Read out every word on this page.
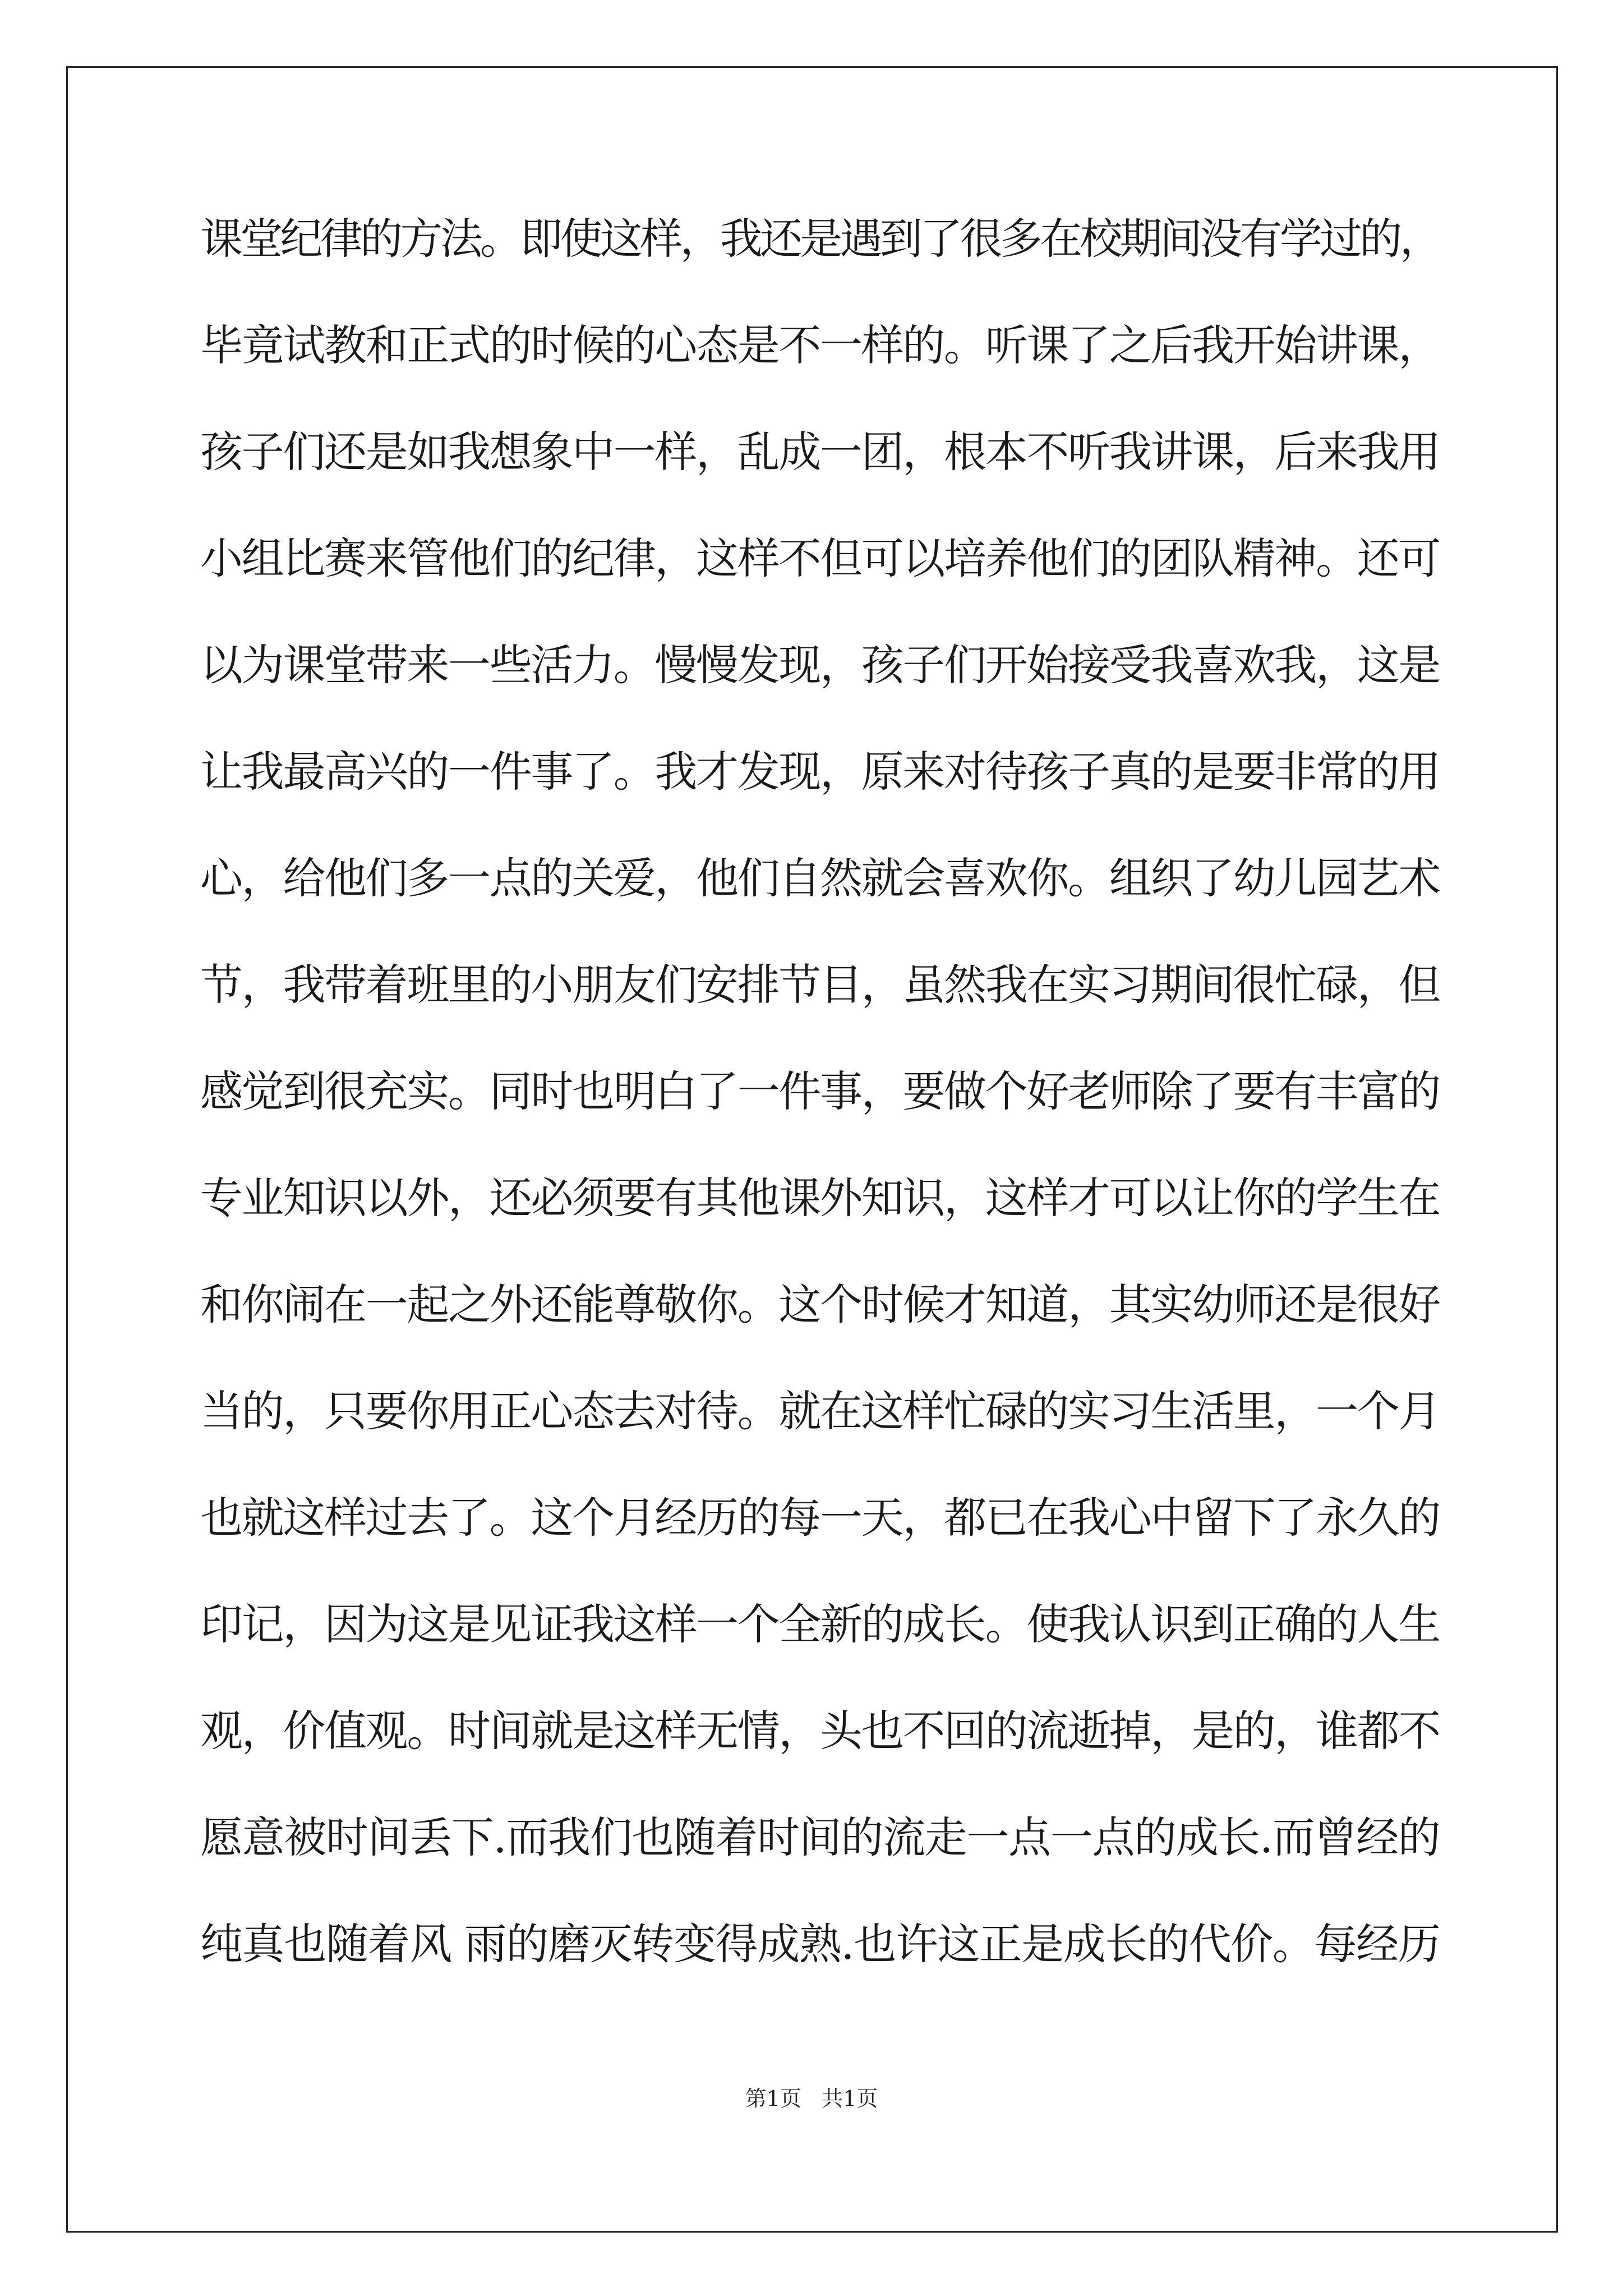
课堂纪律的方法。即使这样，我还是遇到了很多在校期间没有学过的，
毕竟试教和正式的时候的心态是不一样的。听课了之后我开始讲课，
孩子们还是如我想象中一样，乱成一团，根本不听我讲课，后来我用
小组比赛来管他们的纪律，这样不但可以培养他们的团队精神。还可
以为课堂带来一些活力。慢慢发现，孩子们开始接受我喜欢我，这是
让我最高兴的一件事了。我才发现，原来对待孩子真的是要非常的用
心，给他们多一点的关爱，他们自然就会喜欢你。组织了幼儿园艺术
节，我带着班里的小朋友们安排节目，虽然我在实习期间很忙碌，但
感觉到很充实。同时也明白了一件事，要做个好老师除了要有丰富的
专业知识以外，还必须要有其他课外知识，这样才可以让你的学生在
和你闹在一起之外还能尊敬你。这个时候才知道，其实幼师还是很好
当的，只要你用正心态去对待。就在这样忙碌的实习生活里，一个月
也就这样过去了。这个月经历的每一天，都已在我心中留下了永久的
印记，因为这是见证我这样一个全新的成长。使我认识到正确的人生
观，价值观。时间就是这样无情，头也不回的流逝掉，是的，谁都不
愿意被时间丢下.而我们也随着时间的流走一点一点的成长.而曾经的
纯真也随着风 雨的磨灭转变得成熟.也许这正是成长的代价。每经历
第1页   共1页
